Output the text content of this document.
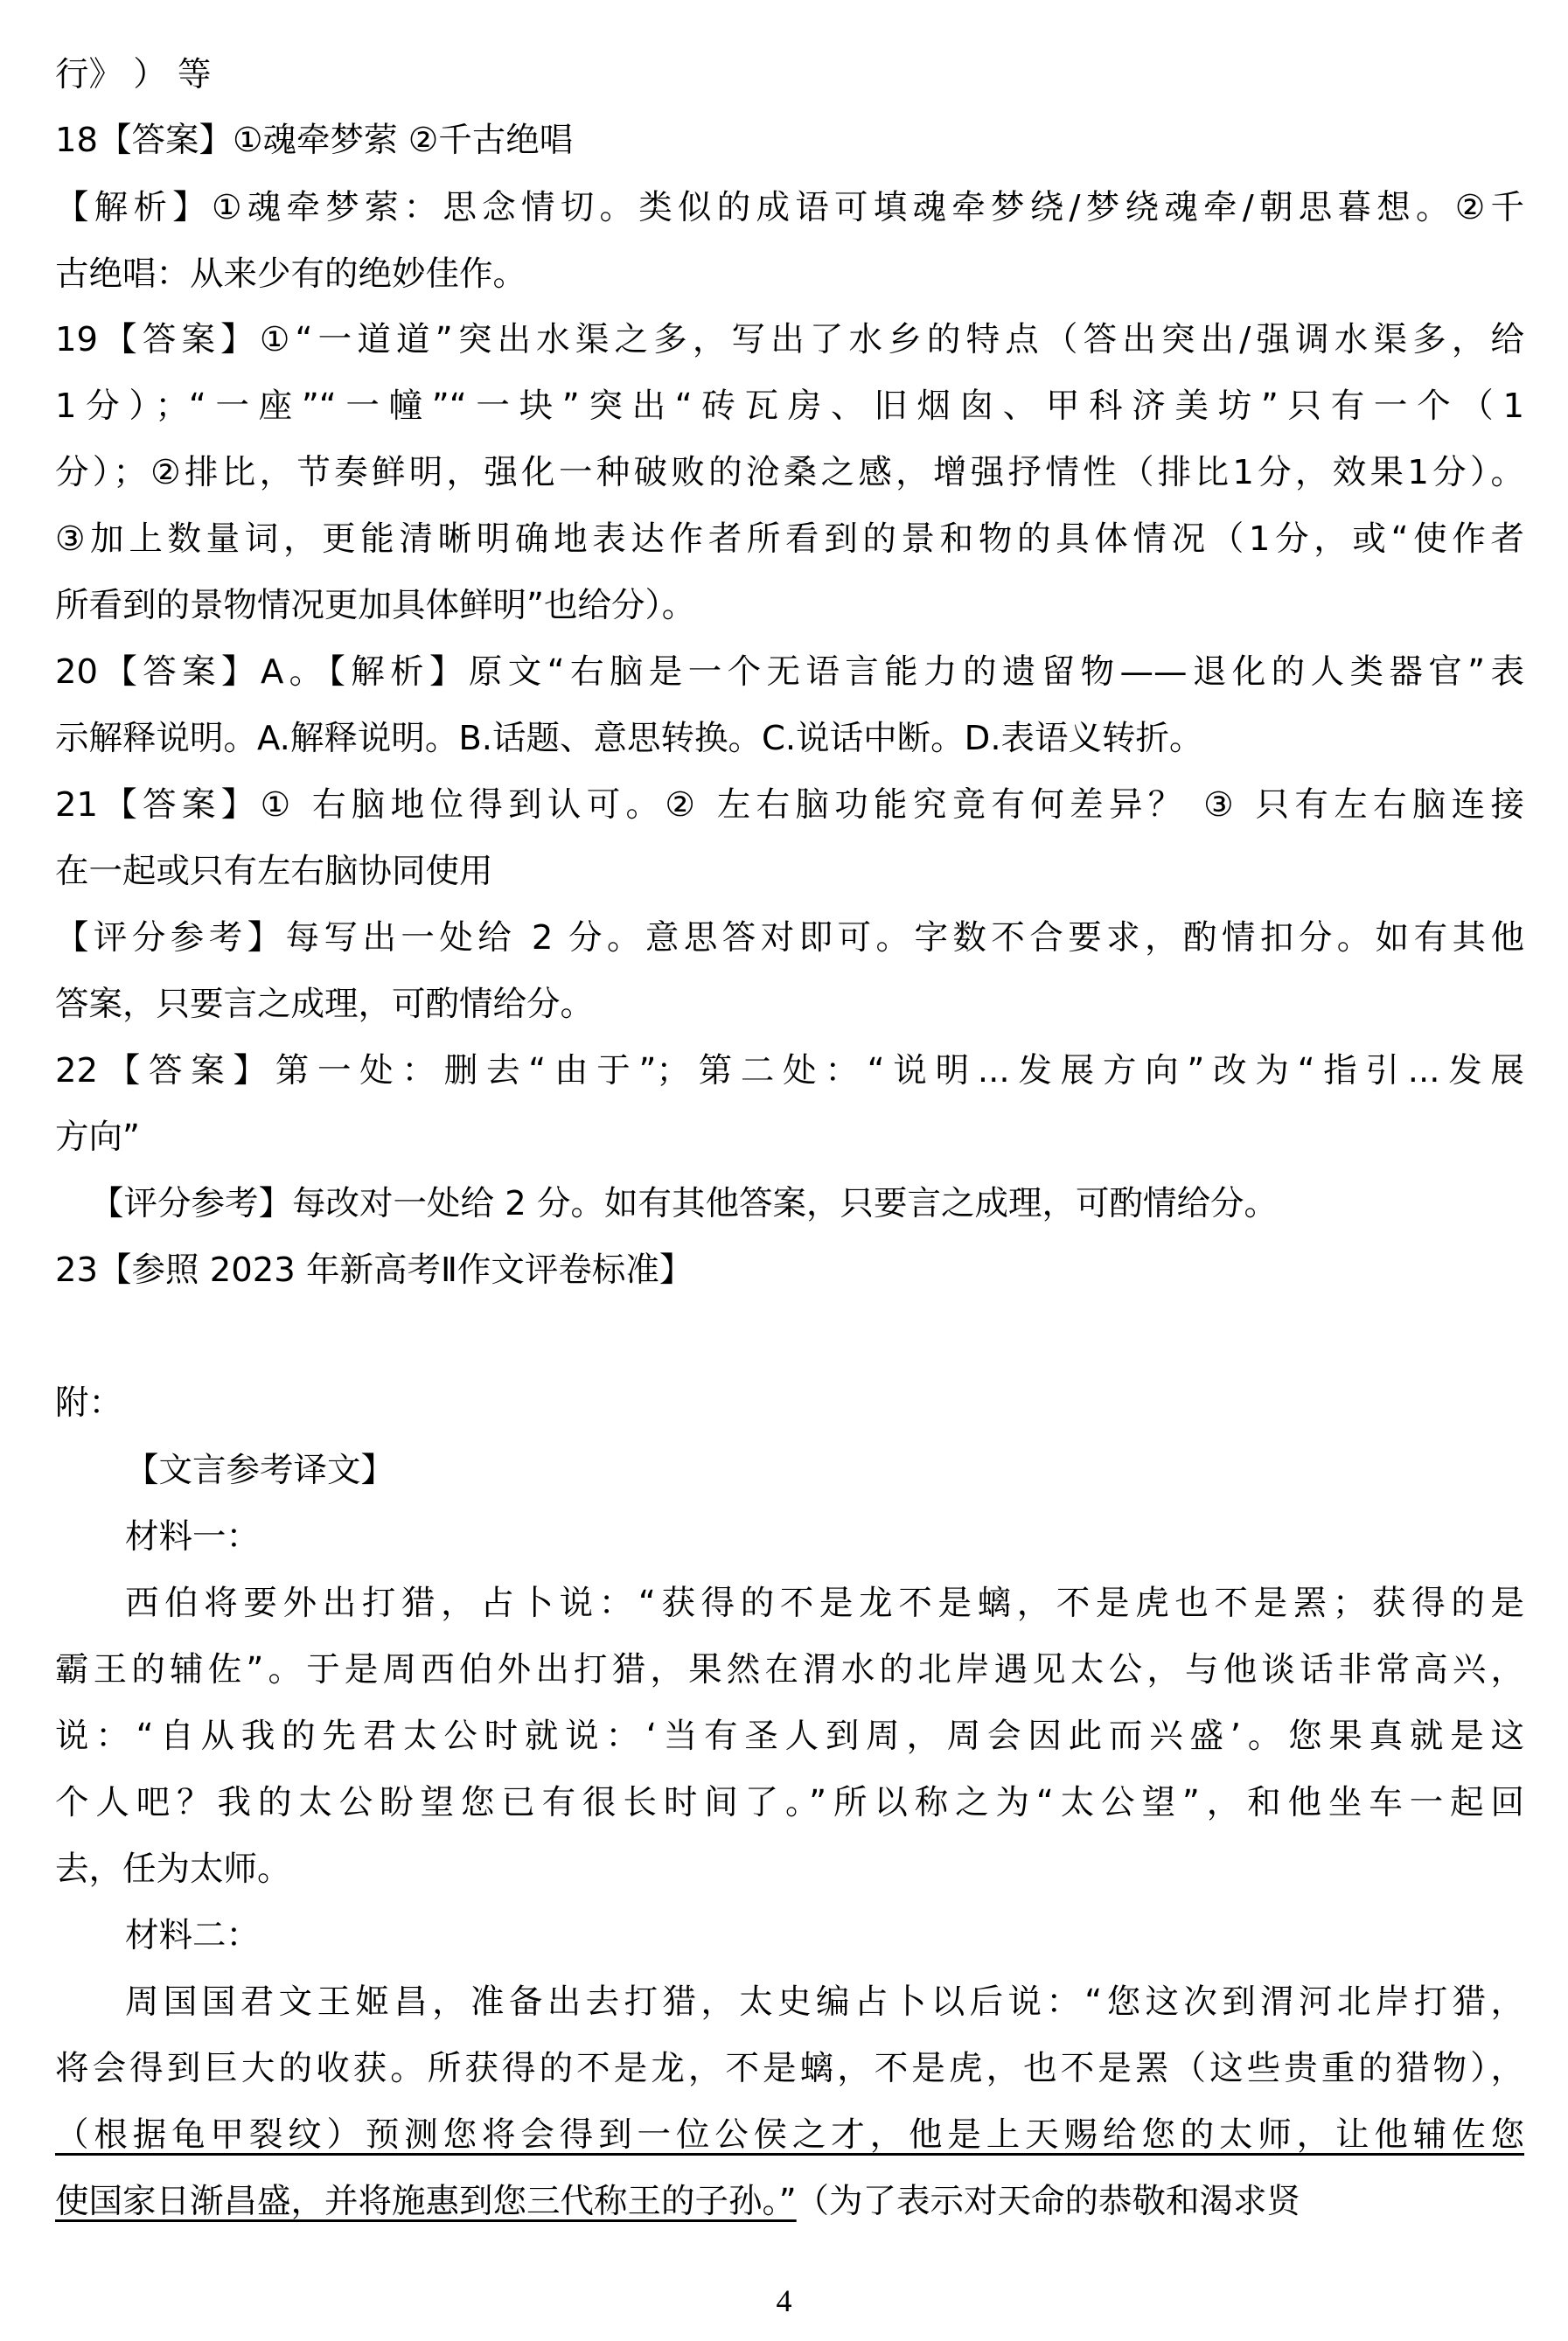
行》 ） 等
18【答案】①魂牵梦萦 ②千古绝唱
【解析】①魂牵梦萦：思念情切。类似的成语可填魂牵梦绕/梦绕魂牵/朝思暮想。②千
古绝唱：从来少有的绝妙佳作。
19【答案】①“一道道”突出水渠之多，写出了水乡的特点（答出突出/强调水渠多，给
1分）；“一座”“一幢”“一块”突出“砖瓦房、旧烟囱、甲科济美坊”只有一个（1
分）；②排比，节奏鲜明，强化一种破败的沧桑之感，增强抒情性（排比1分，效果1分）。
③加上数量词，更能清晰明确地表达作者所看到的景和物的具体情况（1分，或“使作者
所看到的景物情况更加具体鲜明”也给分）。
20【答案】A。【解析】原文“右脑是一个无语言能力的遗留物——退化的人类器官”表
示解释说明。A.解释说明。B.话题、意思转换。C.说话中断。D.表语义转折。
21【答案】① 右脑地位得到认可。② 左右脑功能究竟有何差异？ ③ 只有左右脑连接
在一起或只有左右脑协同使用
【评分参考】每写出一处给 2 分。意思答对即可。字数不合要求，酌情扣分。如有其他
答案，只要言之成理，可酌情给分。
22【答案】第一处：删去“由于”；第二处：“说明...发展方向”改为“指引...发展
方向”
【评分参考】每改对一处给 2 分。如有其他答案，只要言之成理，可酌情给分。
23【参照 2023 年新高考Ⅱ作文评卷标准】
附：
【文言参考译文】
材料一：
西伯将要外出打猎，占卜说：“获得的不是龙不是螭，不是虎也不是罴；获得的是
霸王的辅佐”。于是周西伯外出打猎，果然在渭水的北岸遇见太公，与他谈话非常高兴，
说：“自从我的先君太公时就说：‘当有圣人到周，周会因此而兴盛’。您果真就是这
个人吧？我的太公盼望您已有很长时间了。”所以称之为“太公望”，和他坐车一起回
去，任为太师。
材料二：
周国国君文王姬昌，准备出去打猎，太史编占卜以后说：“您这次到渭河北岸打猎，
将会得到巨大的收获。所获得的不是龙，不是螭，不是虎，也不是罴（这些贵重的猎物），
（根据龟甲裂纹）预测您将会得到一位公侯之才，他是上天赐给您的太师，让他辅佐您
使国家日渐昌盛，并将施惠到您三代称王的子孙。” （为了表示对天命的恭敬和渴求贤
4
